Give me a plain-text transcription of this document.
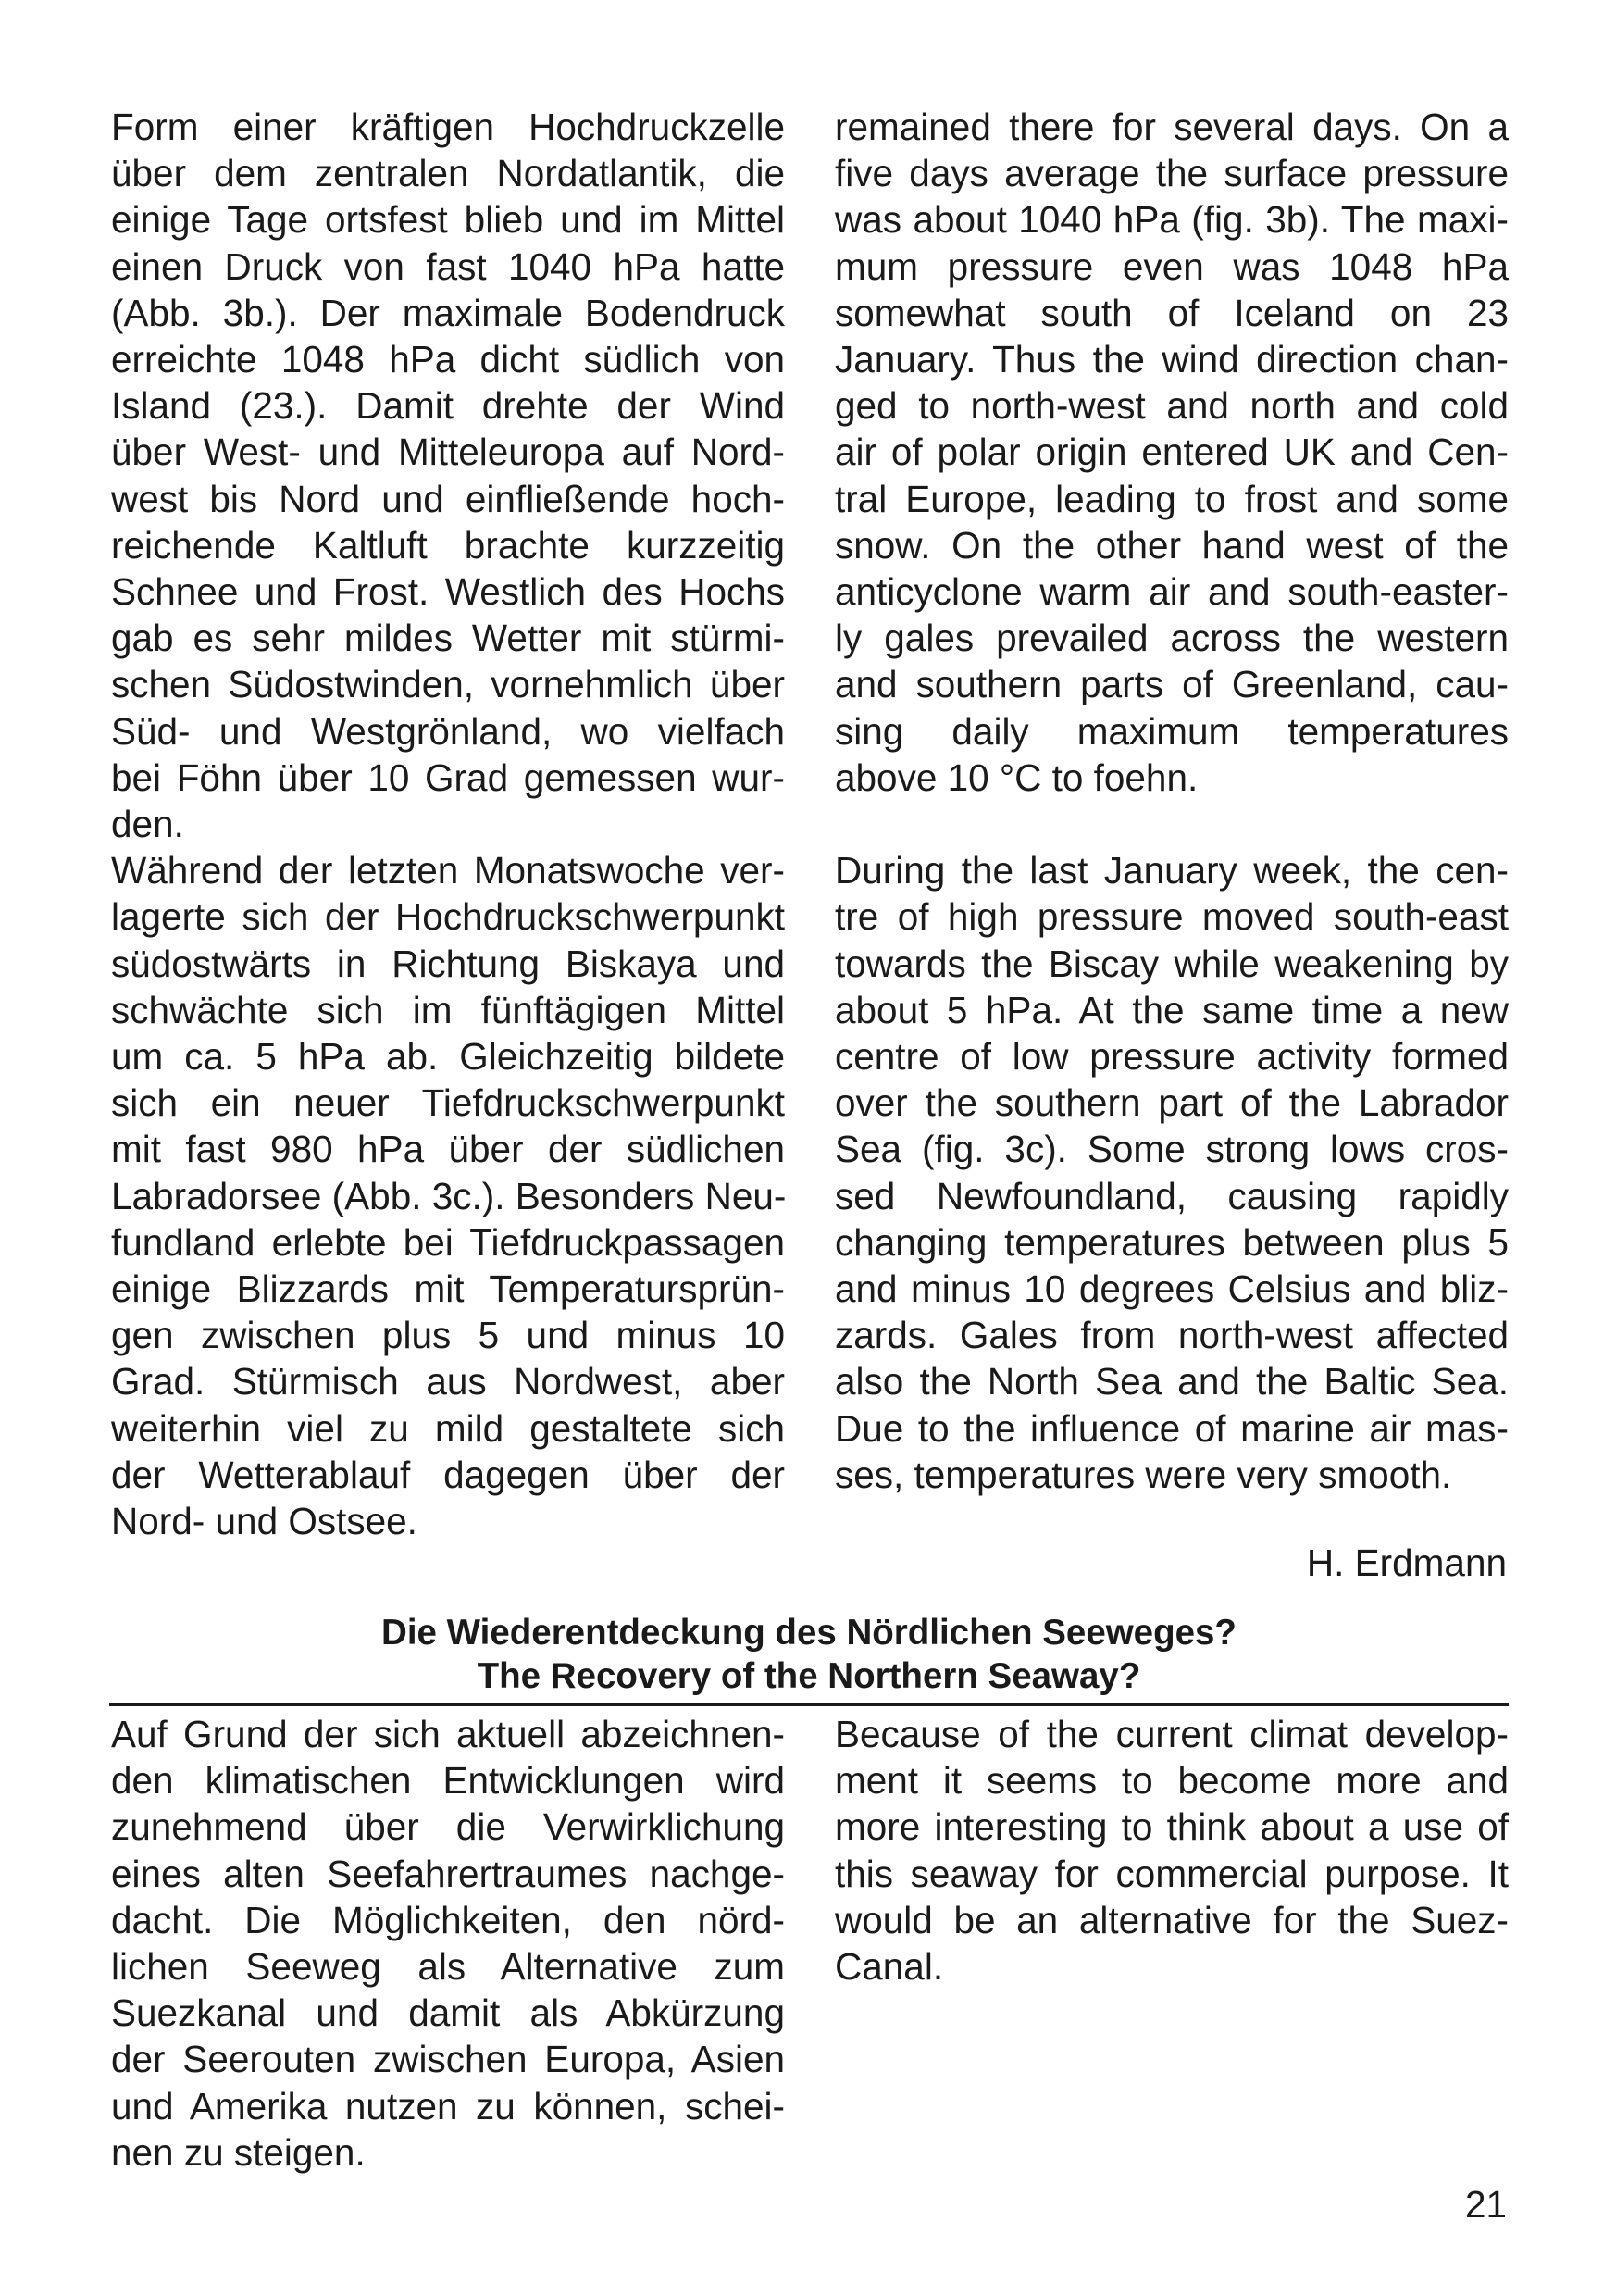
Form einer kräftigen Hochdruckzelle
über dem zentralen Nordatlantik, die
einige Tage ortsfest blieb und im Mittel
einen Druck von fast 1040 hPa hatte
(Abb. 3b.). Der maximale Bodendruck
erreichte 1048 hPa dicht südlich von
Island (23.). Damit drehte der Wind
über West- und Mitteleuropa auf Nord-
west bis Nord und einfließende hoch-
reichende Kaltluft brachte kurzzeitig
Schnee und Frost. Westlich des Hochs
gab es sehr mildes Wetter mit stürmi-
schen Südostwinden, vornehmlich über
Süd- und Westgrönland, wo vielfach
bei Föhn über 10 Grad gemessen wur-
den.
Während der letzten Monatswoche ver-
lagerte sich der Hochdruckschwerpunkt
südostwärts in Richtung Biskaya und
schwächte sich im fünftägigen Mittel
um ca. 5 hPa ab. Gleichzeitig bildete
sich ein neuer Tiefdruckschwerpunkt
mit fast 980 hPa über der südlichen
Labradorsee (Abb. 3c.). Besonders Neu-
fundland erlebte bei Tiefdruckpassagen
einige Blizzards mit Temperatursprün-
gen zwischen plus 5 und minus 10
Grad. Stürmisch aus Nordwest, aber
weiterhin viel zu mild gestaltete sich
der Wetterablauf dagegen über der
Nord- und Ostsee.
remained there for several days. On a
five days average the surface pressure
was about 1040 hPa (fig. 3b). The maxi-
mum pressure even was 1048 hPa
somewhat south of Iceland on 23
January. Thus the wind direction chan-
ged to north-west and north and cold
air of polar origin entered UK and Cen-
tral Europe, leading to frost and some
snow. On the other hand west of the
anticyclone warm air and south-easter-
ly gales prevailed across the western
and southern parts of Greenland, cau-
sing daily maximum temperatures
above 10 °C to foehn.
During the last January week, the cen-
tre of high pressure moved south-east
towards the Biscay while weakening by
about 5 hPa. At the same time a new
centre of low pressure activity formed
over the southern part of the Labrador
Sea (fig. 3c). Some strong lows cros-
sed Newfoundland, causing rapidly
changing temperatures between plus 5
and minus 10 degrees Celsius and bliz-
zards. Gales from north-west affected
also the North Sea and the Baltic Sea.
Due to the influence of marine air mas-
ses, temperatures were very smooth.
H. Erdmann
Die Wiederentdeckung des Nördlichen Seeweges?
The Recovery of the Northern Seaway?
Auf Grund der sich aktuell abzeichnen-
den klimatischen Entwicklungen wird
zunehmend über die Verwirklichung
eines alten Seefahrertraumes nachge-
dacht. Die Möglichkeiten, den nörd-
lichen Seeweg als Alternative zum
Suezkanal und damit als Abkürzung
der Seerouten zwischen Europa, Asien
und Amerika nutzen zu können, schei-
nen zu steigen.
Because of the current climat develop-
ment it seems to become more and
more interesting to think about a use of
this seaway for commercial purpose. It
would be an alternative for the Suez-
Canal.
21
